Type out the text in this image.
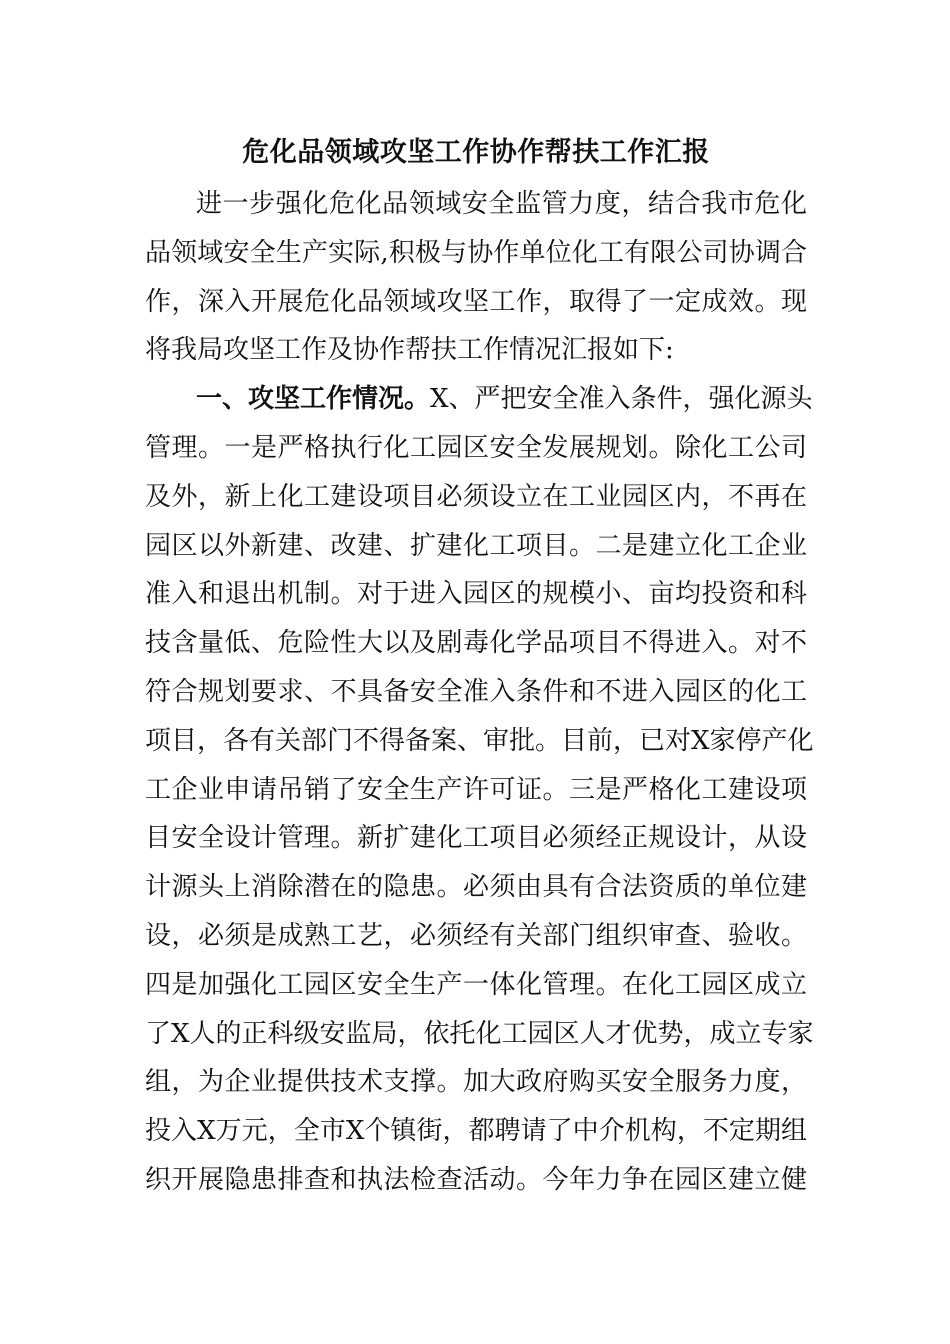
危化品领域攻坚工作协作帮扶工作汇报
进一步强化危化品领域安全监管力度，结合我市危化
品领域安全生产实际,积极与协作单位化工有限公司协调合
作，深入开展危化品领域攻坚工作，取得了一定成效。现
将我局攻坚工作及协作帮扶工作情况汇报如下:
一、攻坚工作情况。X、严把安全准入条件，强化源头
管理。一是严格执行化工园区安全发展规划。除化工公司
及外，新上化工建设项目必须设立在工业园区内，不再在
园区以外新建、改建、扩建化工项目。二是建立化工企业
准入和退出机制。对于进入园区的规模小、亩均投资和科
技含量低、危险性大以及剧毒化学品项目不得进入。对不
符合规划要求、不具备安全准入条件和不进入园区的化工
项目，各有关部门不得备案、审批。目前，已对X家停产化
工企业申请吊销了安全生产许可证。三是严格化工建设项
目安全设计管理。新扩建化工项目必须经正规设计，从设
计源头上消除潜在的隐患。必须由具有合法资质的单位建
设，必须是成熟工艺，必须经有关部门组织审查、验收。
四是加强化工园区安全生产一体化管理。在化工园区成立
了X人的正科级安监局，依托化工园区人才优势，成立专家
组，为企业提供技术支撑。加大政府购买安全服务力度，
投入X万元，全市X个镇街，都聘请了中介机构，不定期组
织开展隐患排查和执法检查活动。今年力争在园区建立健
